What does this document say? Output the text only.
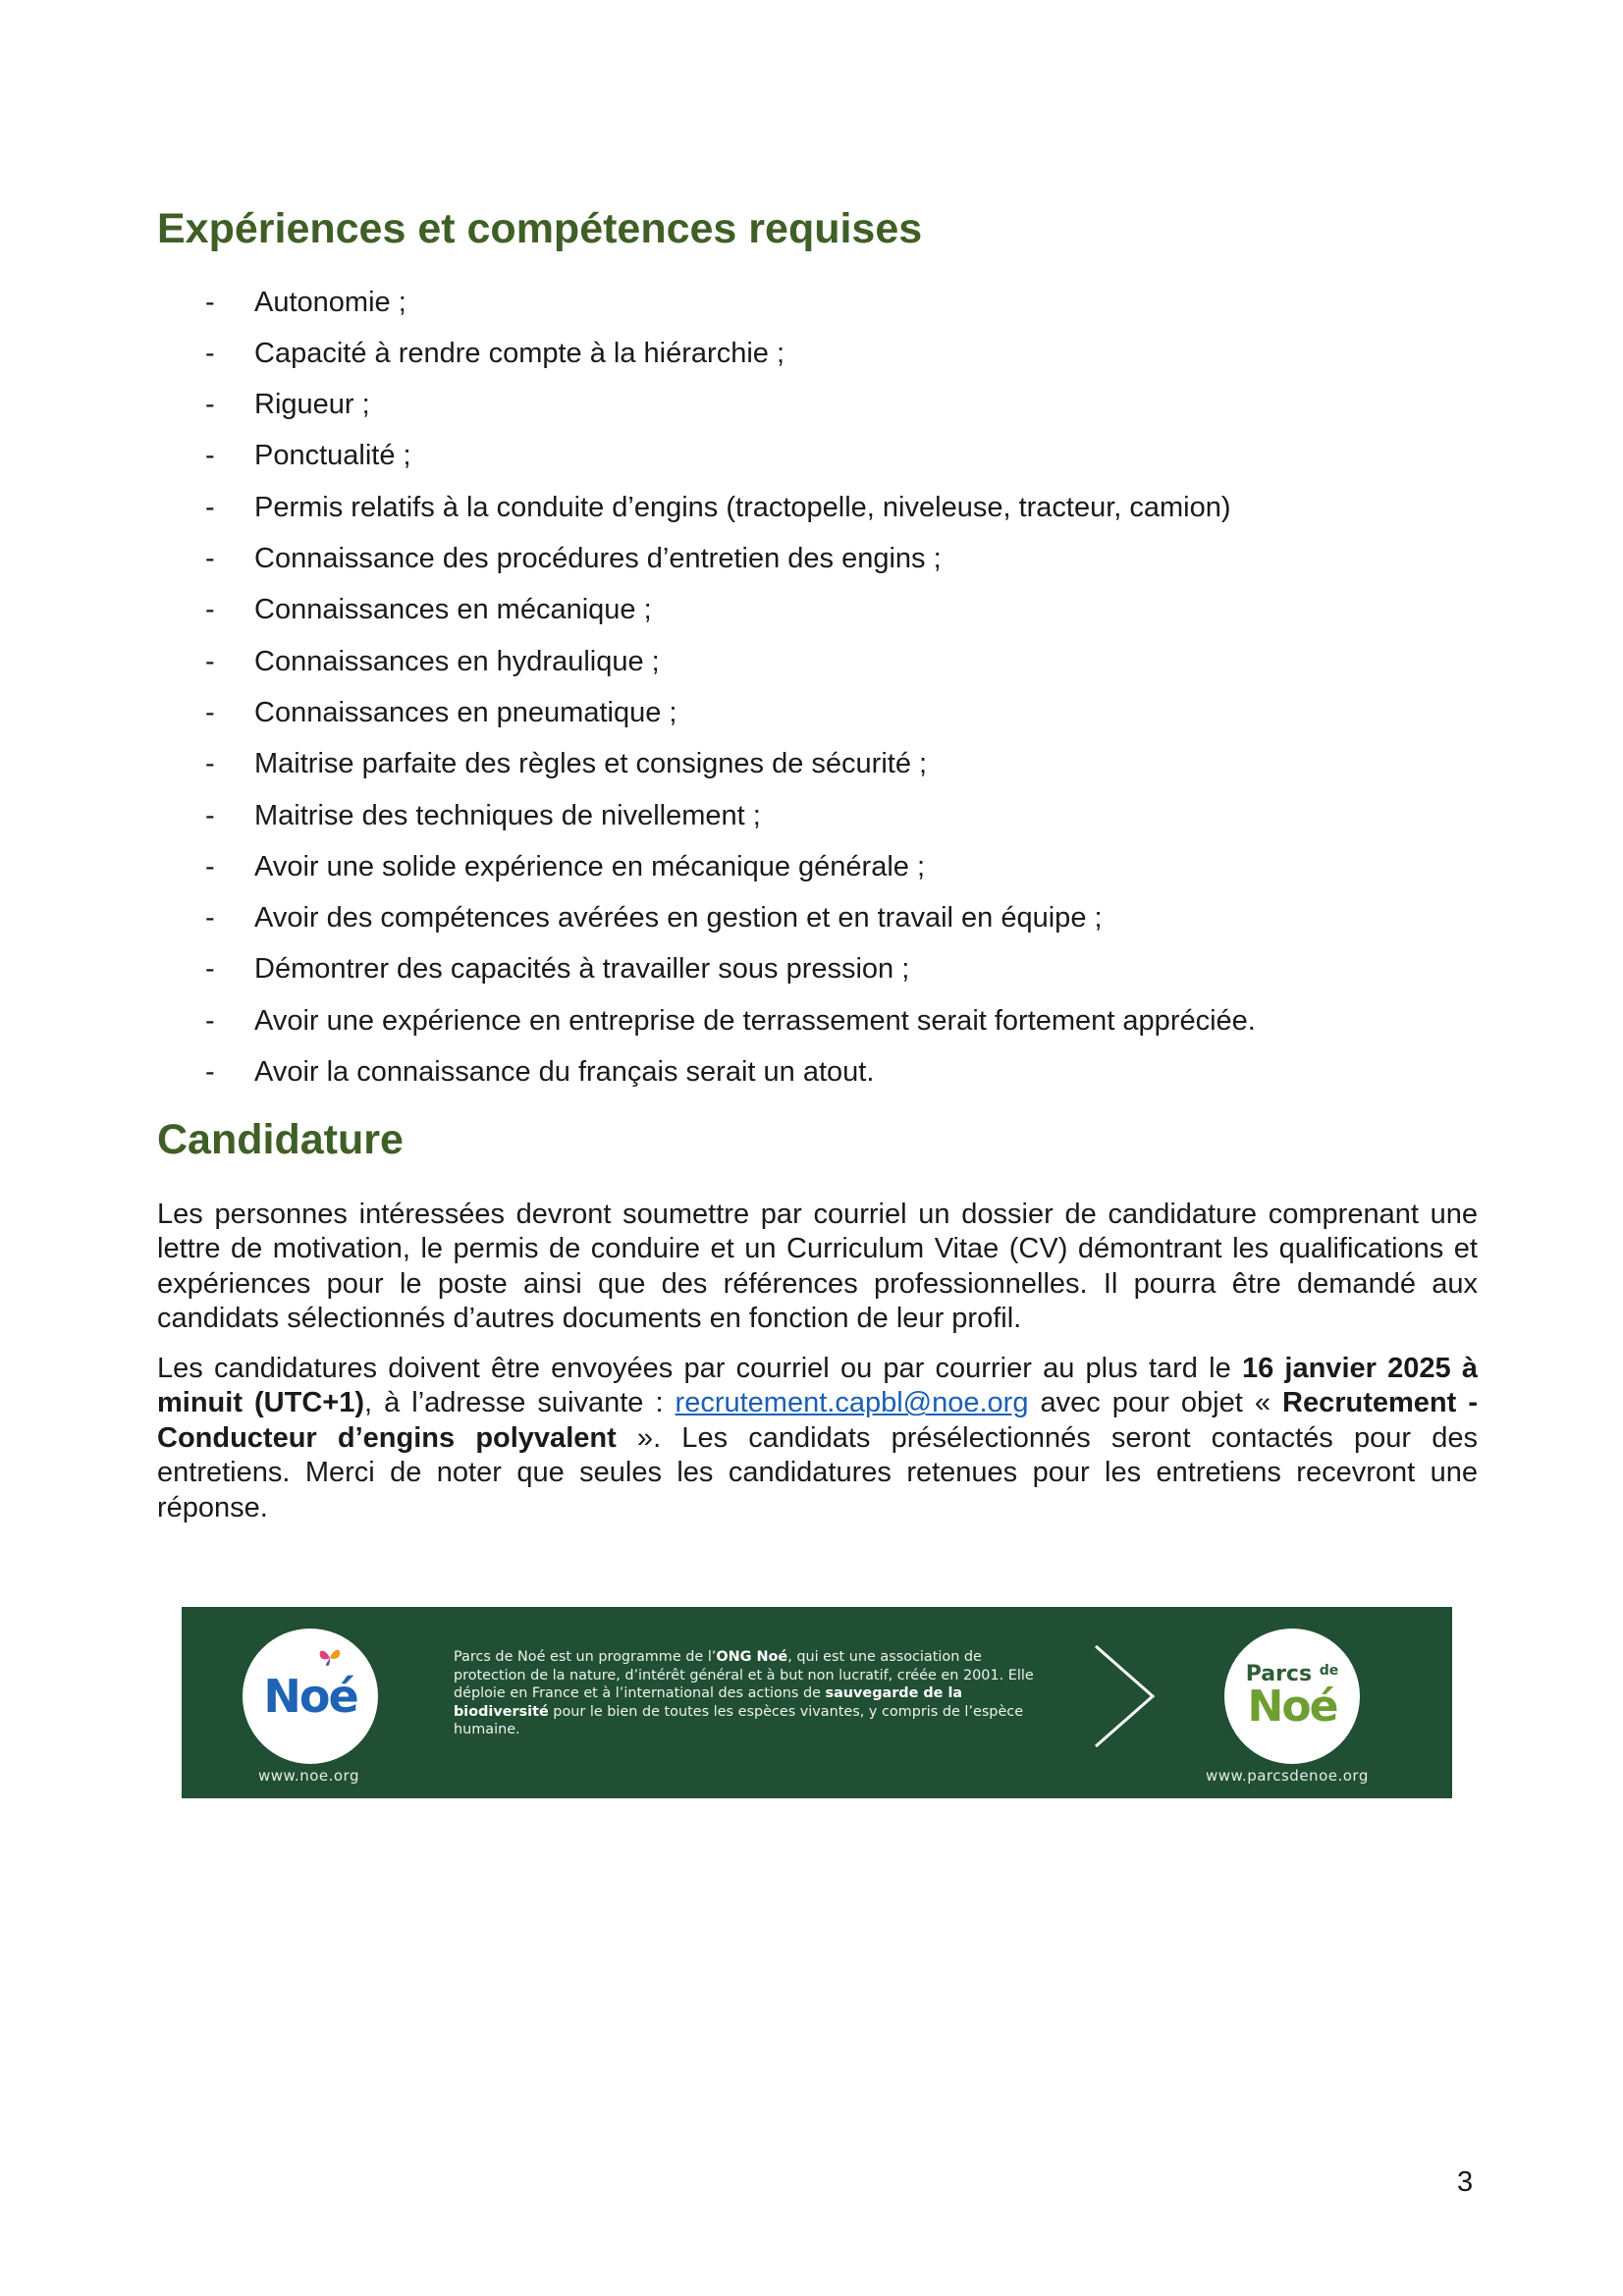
Expériences et compétences requises
-	Autonomie ;
-	Capacité à rendre compte à la hiérarchie ;
-	Rigueur ;
-	Ponctualité ;
-	Permis relatifs à la conduite d’engins (tractopelle, niveleuse, tracteur, camion)
-	Connaissance des procédures d’entretien des engins ;
-	Connaissances en mécanique ;
-	Connaissances en hydraulique ;
-	Connaissances en pneumatique ;
-	Maitrise parfaite des règles et consignes de sécurité ;
-	Maitrise des techniques de nivellement ;
-	Avoir une solide expérience en mécanique générale ;
-	Avoir des compétences avérées en gestion et en travail en équipe ;
-	Démontrer des capacités à travailler sous pression ;
-	Avoir une expérience en entreprise de terrassement serait fortement appréciée.
-	Avoir la connaissance du français serait un atout.
Candidature

Les personnes intéressées devront soumettre par courriel un dossier de candidature comprenant une lettre de motivation, le permis de conduire et un Curriculum Vitae (CV) démontrant les qualifications et expériences pour le poste ainsi que des références professionnelles. Il pourra être demandé aux candidats sélectionnés d’autres documents en fonction de leur profil.

Les candidatures doivent être envoyées par courriel ou par courrier au plus tard le 16 janvier 2025 à minuit (UTC+1), à l’adresse suivante : recrutement.capbl@noe.org avec pour objet « Recrutement - Conducteur d’engins polyvalent ». Les candidats présélectionnés seront contactés pour des entretiens. Merci de noter que seules les candidatures retenues pour les entretiens recevront une réponse.

Noé
www.noe.org
Parcs de Noé est un programme de l’ONG Noé, qui est une association de protection de la nature, d’intérêt général et à but non lucratif, créée en 2001. Elle déploie en France et à l’international des actions de sauvegarde de la biodiversité pour le bien de toutes les espèces vivantes, y compris de l’espèce humaine.
Parcs $^{de}$
Noé
www.parcsdenoe.org
3
